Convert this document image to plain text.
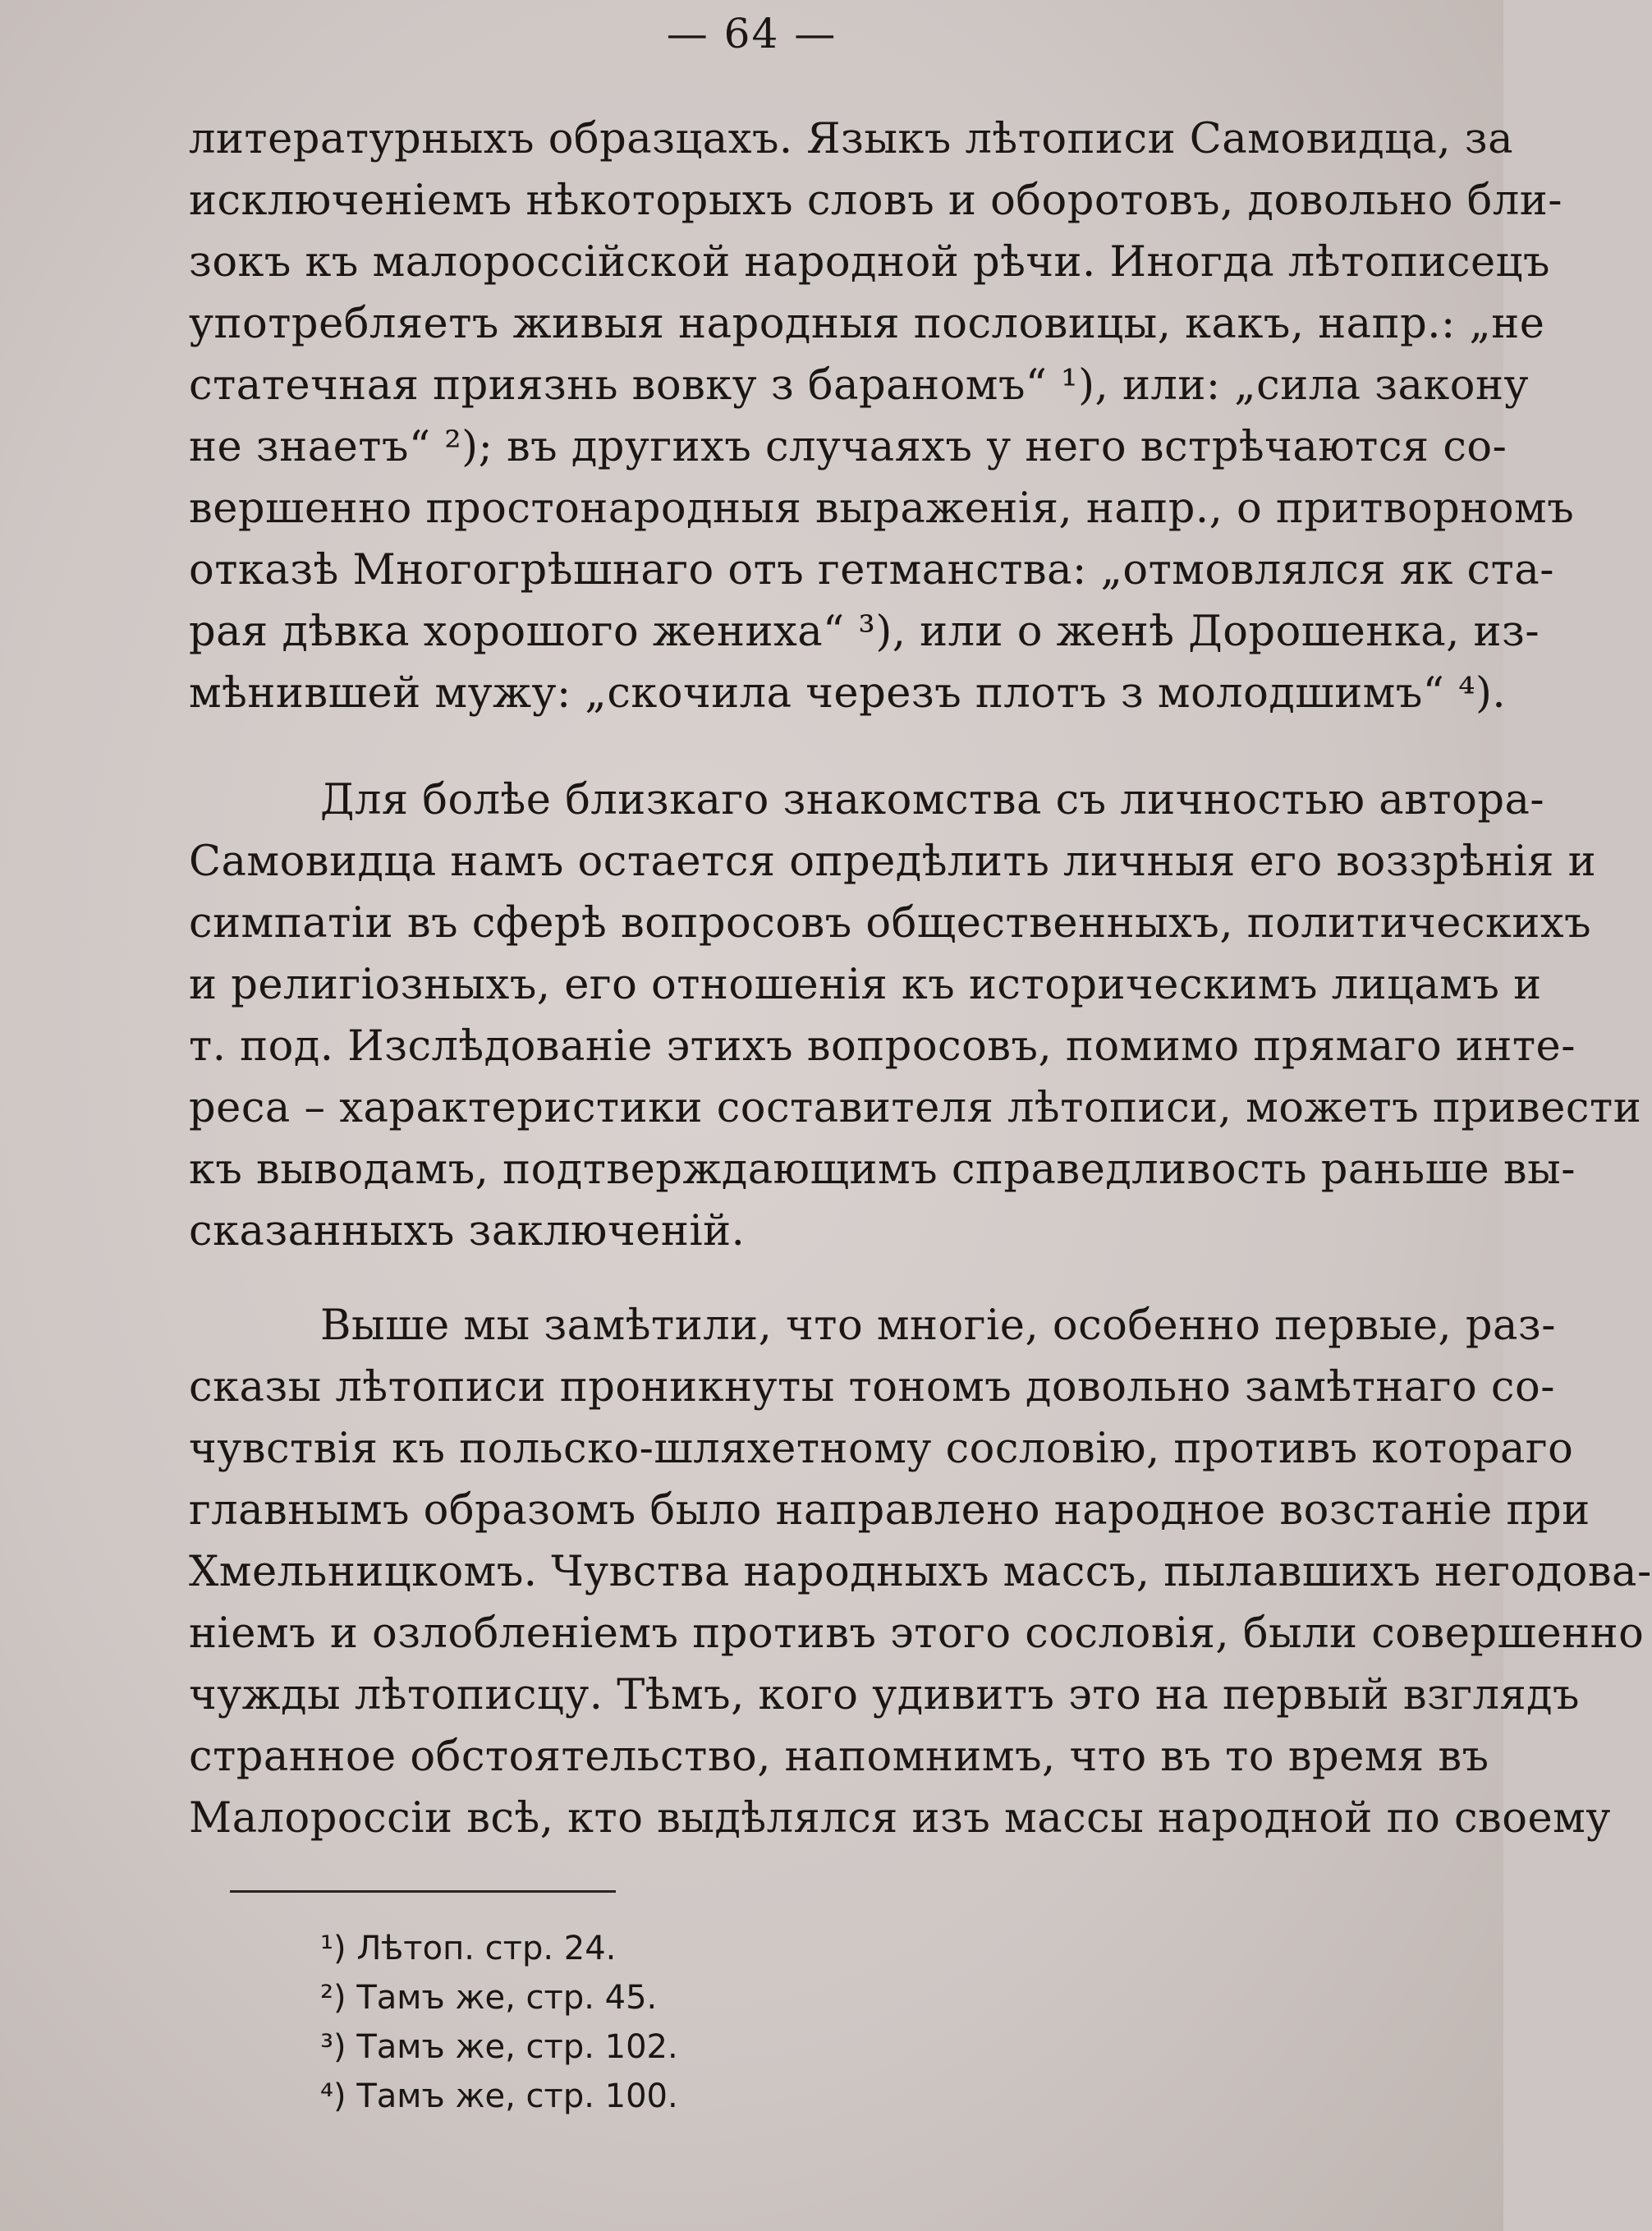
— 64 —
литературныхъ образцахъ. Языкъ лѣтописи Самовидца, за
исключеніемъ нѣкоторыхъ словъ и оборотовъ, довольно бли-
зокъ къ малороссійской народной рѣчи. Иногда лѣтописецъ
употребляетъ живыя народныя пословицы, какъ, напр.: „не
статечная приязнь вовку з бараномъ“ ¹), или: „сила закону
не знаетъ“ ²); въ другихъ случаяхъ у него встрѣчаются со-
вершенно простонародныя выраженія, напр., о притворномъ
отказѣ Многогрѣшнаго отъ гетманства: „отмовлялся як ста-
рая дѣвка хорошого жениха“ ³), или о женѣ Дорошенка, из-
мѣнившей мужу: „скочила черезъ плотъ з молодшимъ“ ⁴).
Для болѣе близкаго знакомства съ личностью автора-
Самовидца намъ остается опредѣлить личныя его воззрѣнія и
симпатіи въ сферѣ вопросовъ общественныхъ, политическихъ
и религіозныхъ, его отношенія къ историческимъ лицамъ и
т. под. Изслѣдованіе этихъ вопросовъ, помимо прямаго инте-
реса – характеристики составителя лѣтописи, можетъ привести
къ выводамъ, подтверждающимъ справедливость раньше вы-
сказанныхъ заключеній.
Выше мы замѣтили, что многіе, особенно первые, раз-
сказы лѣтописи проникнуты тономъ довольно замѣтнаго со-
чувствія къ польско-шляхетному сословію, противъ котораго
главнымъ образомъ было направлено народное возстаніе при
Хмельницкомъ. Чувства народныхъ массъ, пылавшихъ негодова-
ніемъ и озлобленіемъ противъ этого сословія, были совершенно
чужды лѣтописцу. Тѣмъ, кого удивитъ это на первый взглядъ
странное обстоятельство, напомнимъ, что въ то время въ
Малороссіи всѣ, кто выдѣлялся изъ массы народной по своему
¹) Лѣтоп. стр. 24.
²) Тамъ же, стр. 45.
³) Тамъ же, стр. 102.
⁴) Тамъ же, стр. 100.
